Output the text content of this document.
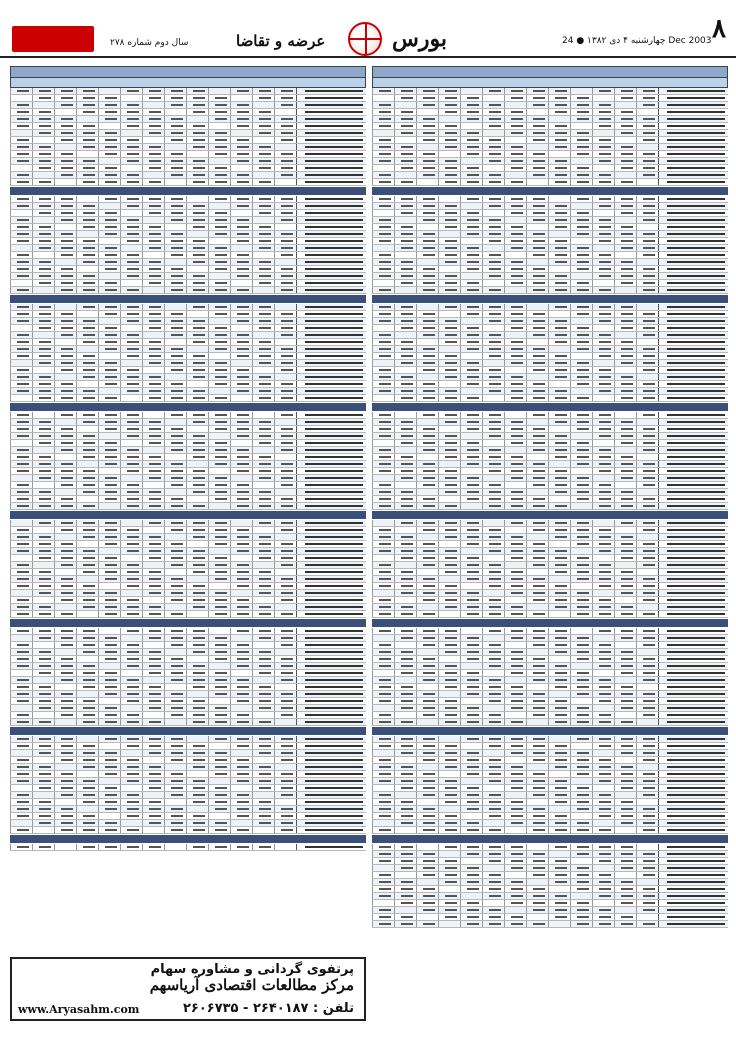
۸
چهارشنبه ۴ دی ۱۳۸۲ ● 24 Dec 2003
بورس
عرضه و تقاضا
سال دوم شماره ۲۷۸
پرتفوی گردانی و مشاوره سهام
مرکز مطالعات اقتصادی آریاسهم
تلفن : ۲۶۴۰۱۸۷ - ۲۶۰۶۷۳۵
www.Aryasahm.com
